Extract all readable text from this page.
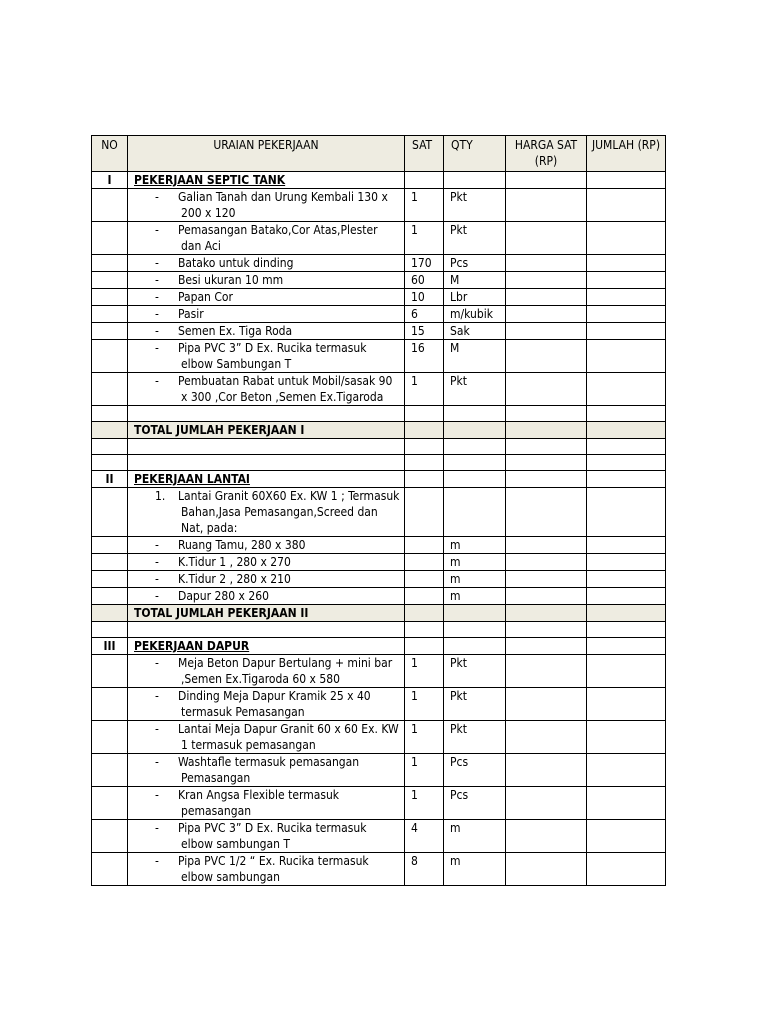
NO	URAIAN PEKERJAAN	SAT	QTY	HARGA SAT (RP)	JUMLAH (RP)
I	PEKERJAAN SEPTIC TANK				
	- Galian Tanah dan Urung Kembali 130 x 200 x 120	1	Pkt		
	- Pemasangan Batako,Cor Atas,Plester dan Aci	1	Pkt		
	- Batako untuk dinding	170	Pcs		
	- Besi ukuran 10 mm	60	M		
	- Papan Cor	10	Lbr		
	- Pasir	6	m/kubik		
	- Semen Ex. Tiga Roda	15	Sak		
	- Pipa PVC 3” D Ex. Rucika termasuk elbow Sambungan T	16	M		
	- Pembuatan Rabat untuk Mobil/sasak 90 x 300 ,Cor Beton ,Semen Ex.Tigaroda	1	Pkt		

	TOTAL JUMLAH PEKERJAAN I				

II	PEKERJAAN LANTAI				
	1. Lantai Granit 60X60 Ex. KW 1 ; Termasuk Bahan,Jasa Pemasangan,Screed dan Nat, pada:				
	- Ruang Tamu, 280 x 380		m		
	- K.Tidur 1 , 280 x 270		m		
	- K.Tidur 2 , 280 x 210		m		
	- Dapur 280 x 260		m		
	TOTAL JUMLAH PEKERJAAN II				

III	PEKERJAAN DAPUR				
	- Meja Beton Dapur Bertulang + mini bar ,Semen Ex.Tigaroda 60 x 580	1	Pkt		
	- Dinding Meja Dapur Kramik 25 x 40 termasuk Pemasangan	1	Pkt		
	- Lantai Meja Dapur Granit 60 x 60 Ex. KW 1 termasuk pemasangan	1	Pkt		
	- Washtafle termasuk pemasangan Pemasangan	1	Pcs		
	- Kran Angsa Flexible termasuk pemasangan	1	Pcs		
	- Pipa PVC 3” D Ex. Rucika termasuk elbow sambungan T	4	m		
	- Pipa PVC 1/2 “ Ex. Rucika termasuk elbow sambungan	8	m		
